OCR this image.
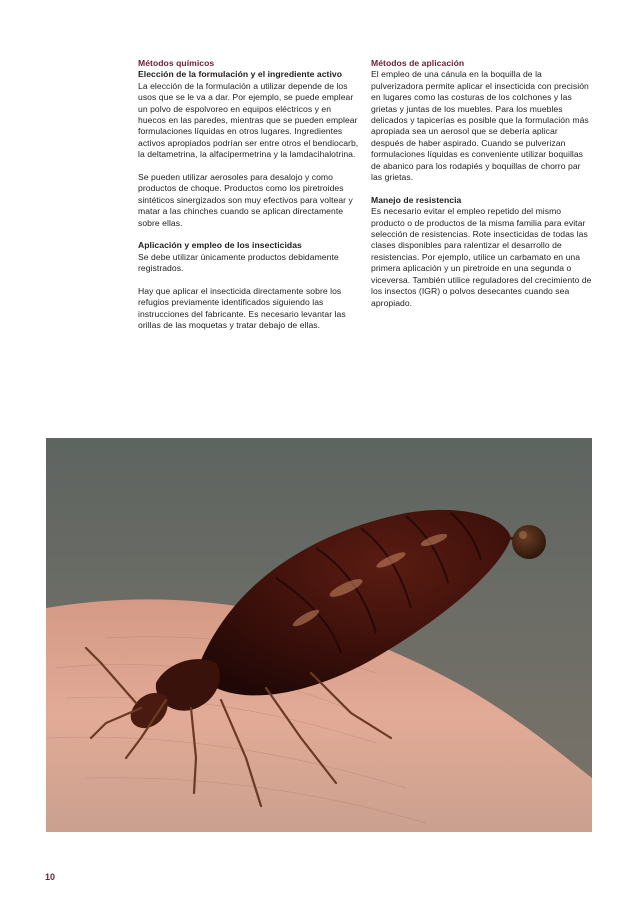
Métodos químicos

Elección de la formulación y el ingrediente activo

La elección de la formulación a utilizar depende de los usos que se le va a dar. Por ejemplo, se puede emplear un polvo de espolvoreo en equipos eléctricos y en huecos en las paredes, mientras que se pueden emplear formulaciones líquidas en otros lugares. Ingredientes activos apropiados podrían ser entre otros el bendiocarb, la deltametrina, la alfacipermetrina y la lamdacihalotrina.

Se pueden utilizar aerosoles para desalojo y como productos de choque. Productos como los piretroides sintéticos sinergizados son muy efectivos para voltear y matar a las chinches cuando se aplican directamente sobre ellas.

Aplicación y empleo de los insecticidas

Se debe utilizar únicamente productos debidamente registrados.

Hay que aplicar el insecticida directamente sobre los refugios previamente identificados siguiendo las instrucciones del fabricante. Es necesario levantar las orillas de las moquetas y tratar debajo de ellas.

Métodos de aplicación

El empleo de una cánula en la boquilla de la pulverizadora permite aplicar el insecticida con precisión en lugares como las costuras de los colchones y las grietas y juntas de los muebles. Para los muebles delicados y tapicerías es posible que la formulación más apropiada sea un aerosol que se debería aplicar después de haber aspirado. Cuando se pulverizan formulaciones líquidas es conveniente utilizar boquillas de abanico para los rodapiés y boquillas de chorro par las grietas.

Manejo de resistencia

Es necesario evitar el empleo repetido del mismo producto o de productos de la misma familia para evitar selección de resistencias. Rote insecticidas de todas las clases disponibles para ralentizar el desarrollo de resistencias. Por ejemplo, utilice un carbamato en una primera aplicación y un piretroide en una segunda o viceversa. También utilice reguladores del crecimiento de los insectos (IGR) o polvos desecantes cuando sea apropiado.

10
